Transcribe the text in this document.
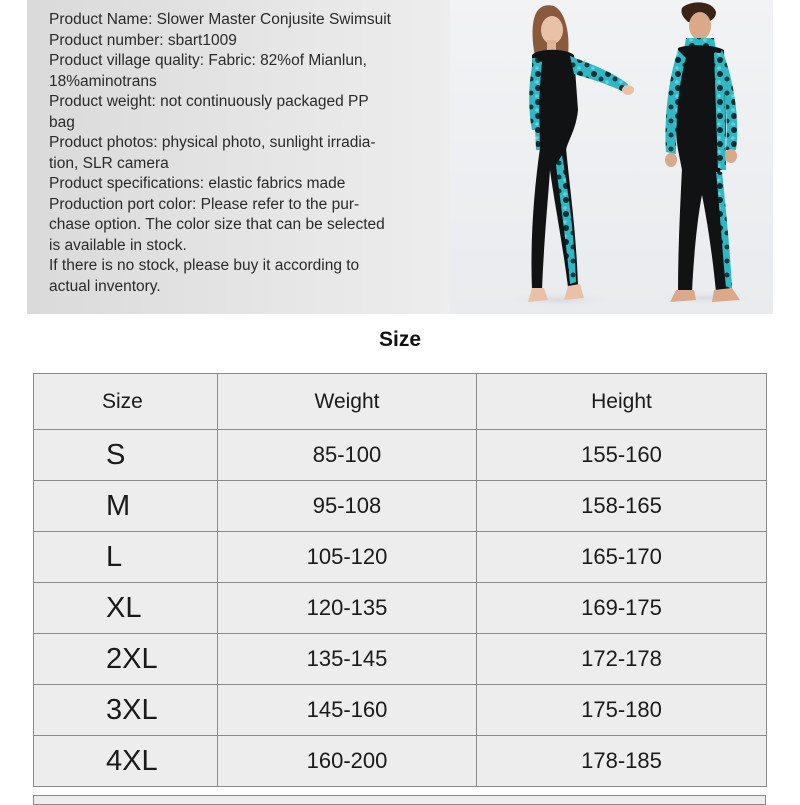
Product Name: Slower Master Conjusite Swimsuit
Product number: sbart1009
Product village quality: Fabric: 82%of Mianlun,
18%aminotrans
Product weight: not continuously packaged PP
bag
Product photos: physical photo, sunlight irradia-
tion, SLR camera
Product specifications: elastic fabrics made
Production port color: Please refer to the pur-
chase option. The color size that can be selected
is available in stock.
If there is no stock, please buy it according to
actual inventory.
Size
Size	Weight	Height
S	85-100	155-160
M	95-108	158-165
L	105-120	165-170
XL	120-135	169-175
2XL	135-145	172-178
3XL	145-160	175-180
4XL	160-200	178-185
